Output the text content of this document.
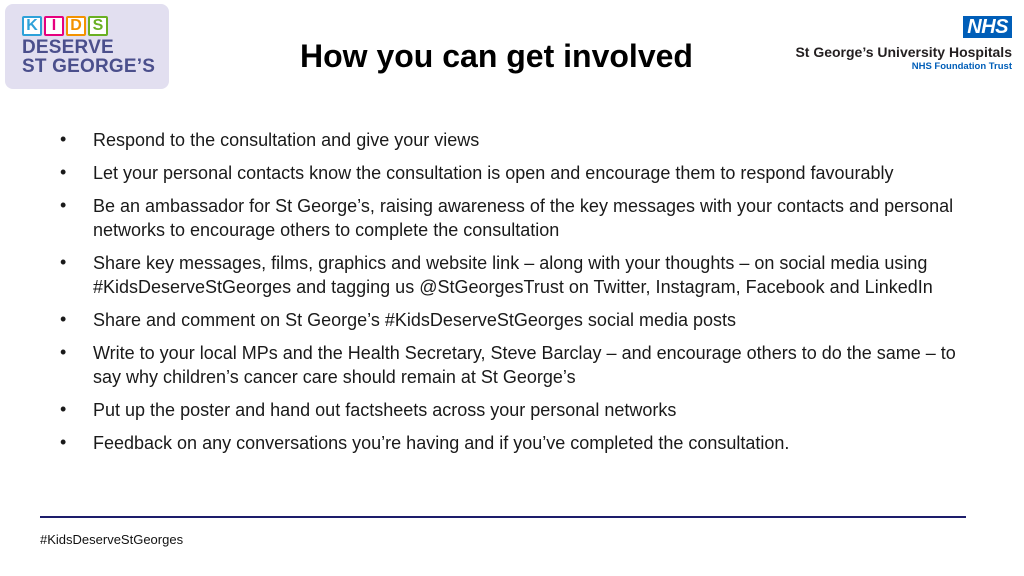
K I D S
DESERVE
ST GEORGE’S	How you can get involved
NHS
St George’s University Hospitals
NHS Foundation Trust
• Respond to the consultation and give your views
• Let your personal contacts know the consultation is open and encourage them to respond favourably
• Be an ambassador for St George’s, raising awareness of the key messages with your contacts and personal networks to encourage others to complete the consultation
• Share key messages, films, graphics and website link – along with your thoughts – on social media using #KidsDeserveStGeorges and tagging us @StGeorgesTrust on Twitter, Instagram, Facebook and LinkedIn
• Share and comment on St George’s #KidsDeserveStGeorges social media posts
• Write to your local MPs and the Health Secretary, Steve Barclay – and encourage others to do the same – to say why children’s cancer care should remain at St George’s
• Put up the poster and hand out factsheets across your personal networks
• Feedback on any conversations you’re having and if you’ve completed the consultation.
#KidsDeserveStGeorges
